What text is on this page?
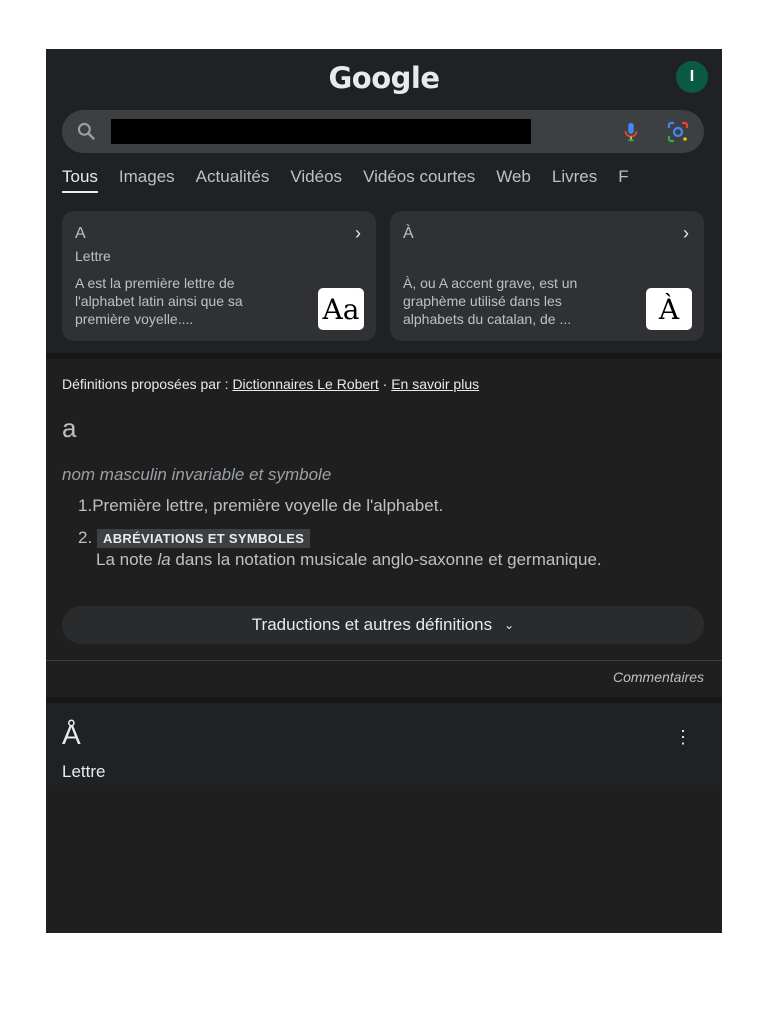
Google	I
Tous Images Actualités Vidéos Vidéos courtes Web Livres F
A
Lettre
A est la première lettre de l'alphabet latin ainsi que sa première voyelle....
›
Aa
À
À, ou A accent grave, est un graphème utilisé dans les alphabets du catalan, de ...
›
À
Définitions proposées par : Dictionnaires Le Robert · En savoir plus
a
nom masculin invariable et symbole
1.Première lettre, première voyelle de l'alphabet.
2. ABRÉVIATIONS ET SYMBOLES
La note la dans la notation musicale anglo-saxonne et germanique.
Traductions et autres définitions ⌄
Commentaires
Å
Lettre
⋮
